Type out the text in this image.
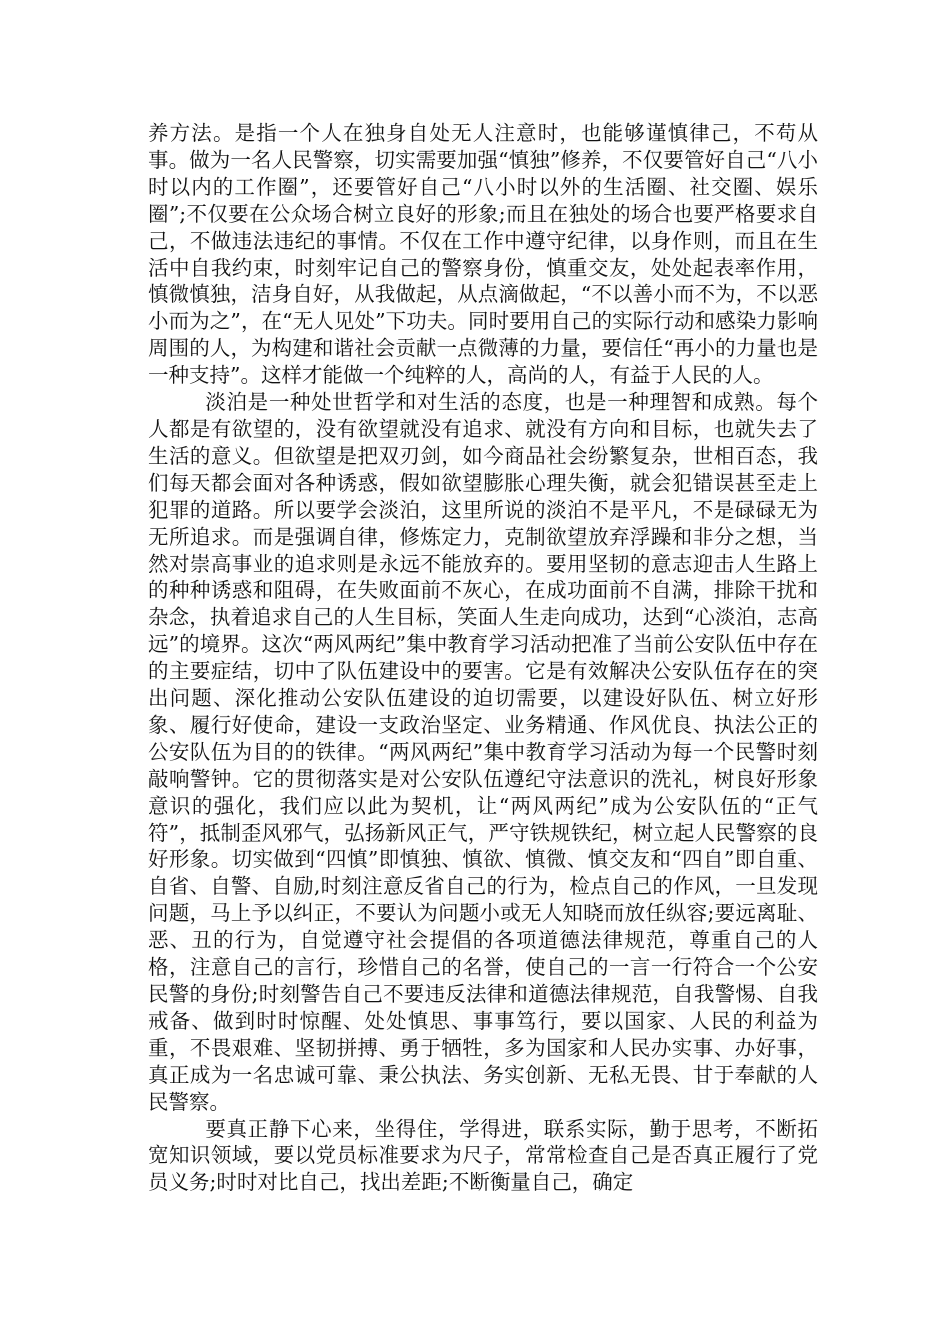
养方法。是指一个人在独身自处无人注意时，也能够谨慎律己，不苟从事。做为一名人民警察，切实需要加强“慎独”修养，不仅要管好自己“八小时以内的工作圈”，还要管好自己“八小时以外的生活圈、社交圈、娱乐圈”;不仅要在公众场合树立良好的形象;而且在独处的场合也要严格要求自己，不做违法违纪的事情。不仅在工作中遵守纪律，以身作则，而且在生活中自我约束，时刻牢记自己的警察身份，慎重交友，处处起表率作用，慎微慎独，洁身自好，从我做起，从点滴做起，“不以善小而不为，不以恶小而为之”，在“无人见处”下功夫。同时要用自己的实际行动和感染力影响周围的人，为构建和谐社会贡献一点微薄的力量，要信任“再小的力量也是一种支持”。这样才能做一个纯粹的人，高尚的人，有益于人民的人。

淡泊是一种处世哲学和对生活的态度，也是一种理智和成熟。每个人都是有欲望的，没有欲望就没有追求、就没有方向和目标，也就失去了生活的意义。但欲望是把双刃剑，如今商品社会纷繁复杂，世相百态，我们每天都会面对各种诱惑，假如欲望膨胀心理失衡，就会犯错误甚至走上犯罪的道路。所以要学会淡泊，这里所说的淡泊不是平凡，不是碌碌无为无所追求。而是强调自律，修炼定力，克制欲望放弃浮躁和非分之想，当然对崇高事业的追求则是永远不能放弃的。要用坚韧的意志迎击人生路上的种种诱惑和阻碍，在失败面前不灰心，在成功面前不自满，排除干扰和杂念，执着追求自己的人生目标，笑面人生走向成功，达到“心淡泊，志高远”的境界。这次“两风两纪”集中教育学习活动把准了当前公安队伍中存在的主要症结，切中了队伍建设中的要害。它是有效解决公安队伍存在的突出问题、深化推动公安队伍建设的迫切需要，以建设好队伍、树立好形象、履行好使命，建设一支政治坚定、业务精通、作风优良、执法公正的公安队伍为目的的铁律。“两风两纪”集中教育学习活动为每一个民警时刻敲响警钟。它的贯彻落实是对公安队伍遵纪守法意识的洗礼，树良好形象意识的强化，我们应以此为契机，让“两风两纪”成为公安队伍的“正气符”，抵制歪风邪气，弘扬新风正气，严守铁规铁纪，树立起人民警察的良好形象。切实做到“四慎”即慎独、慎欲、慎微、慎交友和“四自”即自重、自省、自警、自励,时刻注意反省自己的行为，检点自己的作风，一旦发现问题，马上予以纠正，不要认为问题小或无人知晓而放任纵容;要远离耻、恶、丑的行为，自觉遵守社会提倡的各项道德法律规范，尊重自己的人格，注意自己的言行，珍惜自己的名誉，使自己的一言一行符合一个公安民警的身份;时刻警告自己不要违反法律和道德法律规范，自我警惕、自我戒备、做到时时惊醒、处处慎思、事事笃行，要以国家、人民的利益为重，不畏艰难、坚韧拼搏、勇于牺牲，多为国家和人民办实事、办好事，真正成为一名忠诚可靠、秉公执法、务实创新、无私无畏、甘于奉献的人民警察。

要真正静下心来，坐得住，学得进，联系实际，勤于思考，不断拓宽知识领域，要以党员标准要求为尺子，常常检查自己是否真正履行了党员义务;时时对比自己，找出差距;不断衡量自己，确定
